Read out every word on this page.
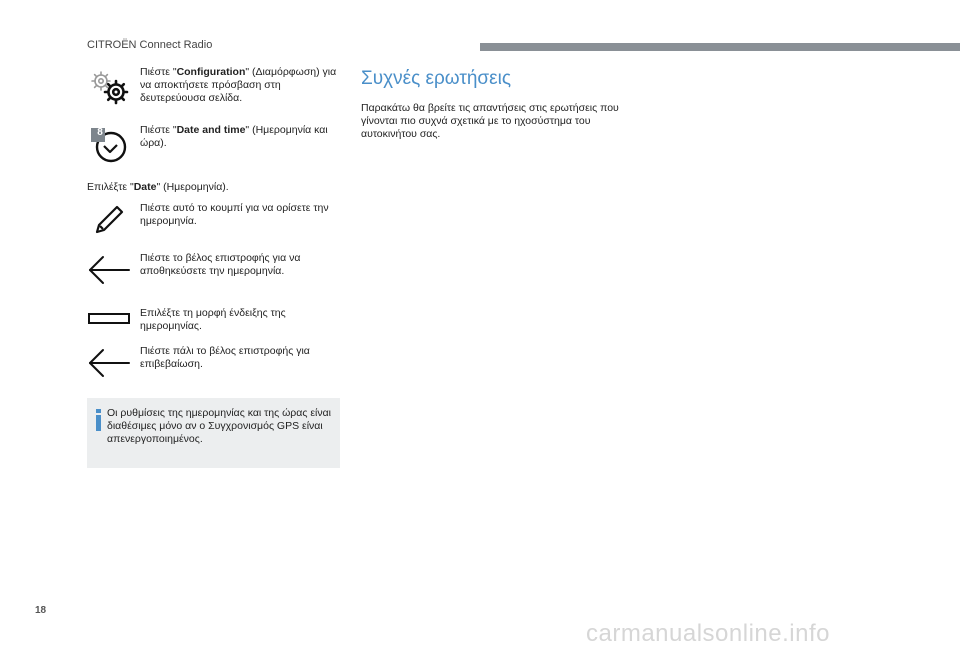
CITROËN Connect Radio
Πιέστε "Configuration" (Διαμόρφωση) για να αποκτήσετε πρόσβαση στη δευτερεύουσα σελίδα.
8	Πιέστε "Date and time" (Ημερομηνία και ώρα).
Επιλέξτε "Date" (Ημερομηνία).
Πιέστε αυτό το κουμπί για να ορίσετε την ημερομηνία.
Πιέστε το βέλος επιστροφής για να αποθηκεύσετε την ημερομηνία.
Επιλέξτε τη μορφή ένδειξης της ημερομηνίας.
Πιέστε πάλι το βέλος επιστροφής για επιβεβαίωση.
Οι ρυθμίσεις της ημερομηνίας και της ώρας είναι διαθέσιμες μόνο αν ο Συγχρονισμός GPS είναι απενεργοποιημένος.
Συχνές ερωτήσεις
Παρακάτω θα βρείτε τις απαντήσεις στις ερωτήσεις που γίνονται πιο συχνά σχετικά με το ηχοσύστημα του αυτοκινήτου σας.
18
carmanualsonline.info
